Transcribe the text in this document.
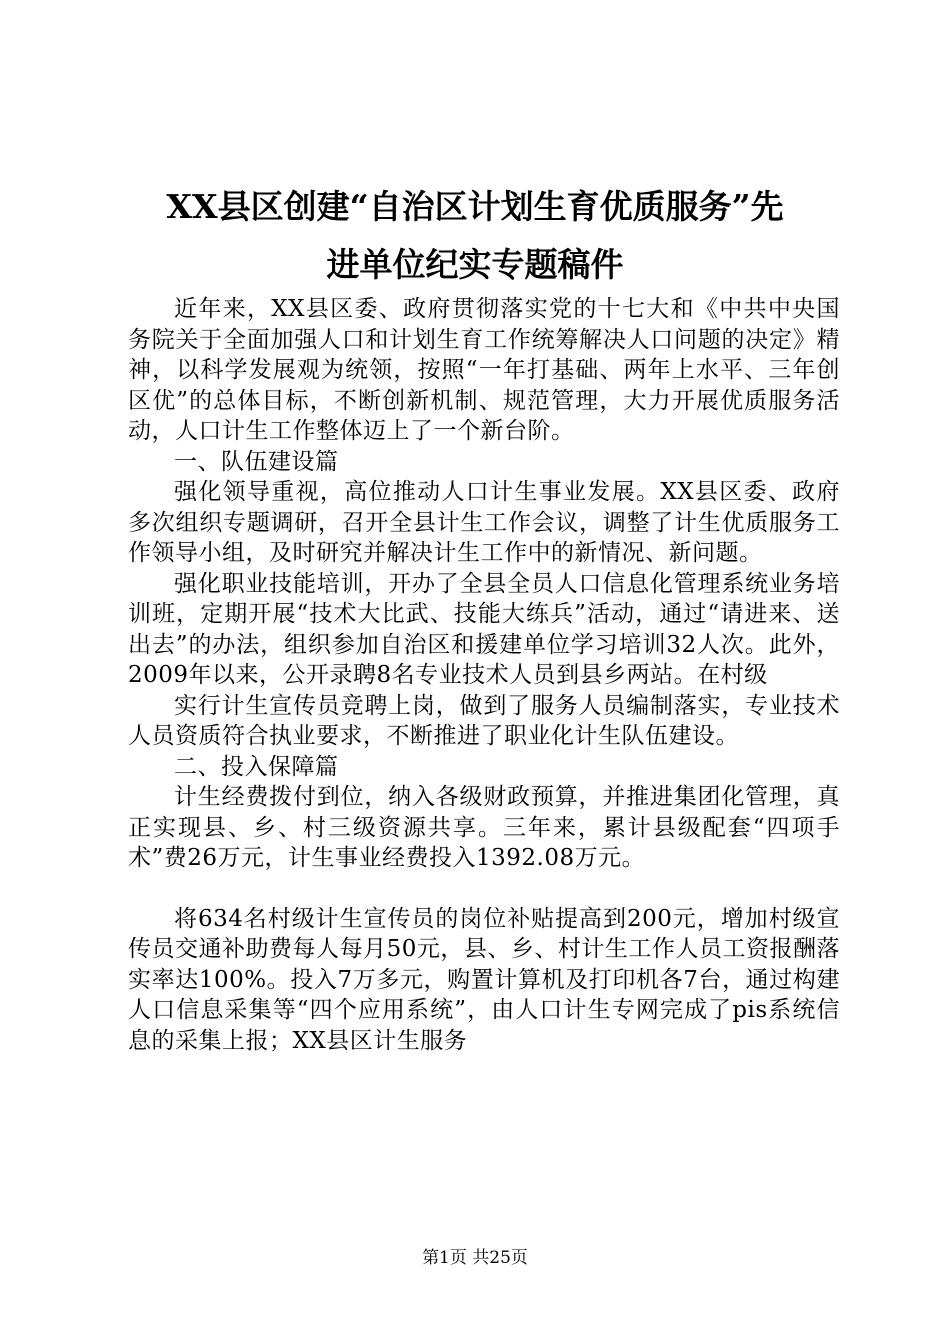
XX县区创建“自治区计划生育优质服务”先
进单位纪实专题稿件

近年来，XX县区委、政府贯彻落实党的十七大和《中共中央国务院关于全面加强人口和计划生育工作统筹解决人口问题的决定》精神，以科学发展观为统领，按照“一年打基础、两年上水平、三年创区优”的总体目标，不断创新机制、规范管理，大力开展优质服务活动，人口计生工作整体迈上了一个新台阶。

一、队伍建设篇

强化领导重视，高位推动人口计生事业发展。XX县区委、政府多次组织专题调研，召开全县计生工作会议，调整了计生优质服务工作领导小组，及时研究并解决计生工作中的新情况、新问题。

强化职业技能培训，开办了全县全员人口信息化管理系统业务培训班，定期开展“技术大比武、技能大练兵”活动，通过“请进来、送出去”的办法，组织参加自治区和援建单位学习培训32人次。此外，2009年以来，公开录聘8名专业技术人员到县乡两站。在村级

实行计生宣传员竞聘上岗，做到了服务人员编制落实，专业技术人员资质符合执业要求，不断推进了职业化计生队伍建设。

二、投入保障篇

计生经费拨付到位，纳入各级财政预算，并推进集团化管理，真正实现县、乡、村三级资源共享。三年来，累计县级配套“四项手术”费26万元，计生事业经费投入1392.08万元。

将634名村级计生宣传员的岗位补贴提高到200元，增加村级宣传员交通补助费每人每月50元，县、乡、村计生工作人员工资报酬落实率达100%。投入7万多元，购置计算机及打印机各7台，通过构建人口信息采集等“四个应用系统”，由人口计生专网完成了pis系统信息的采集上报；XX县区计生服务

第1页 共25页
